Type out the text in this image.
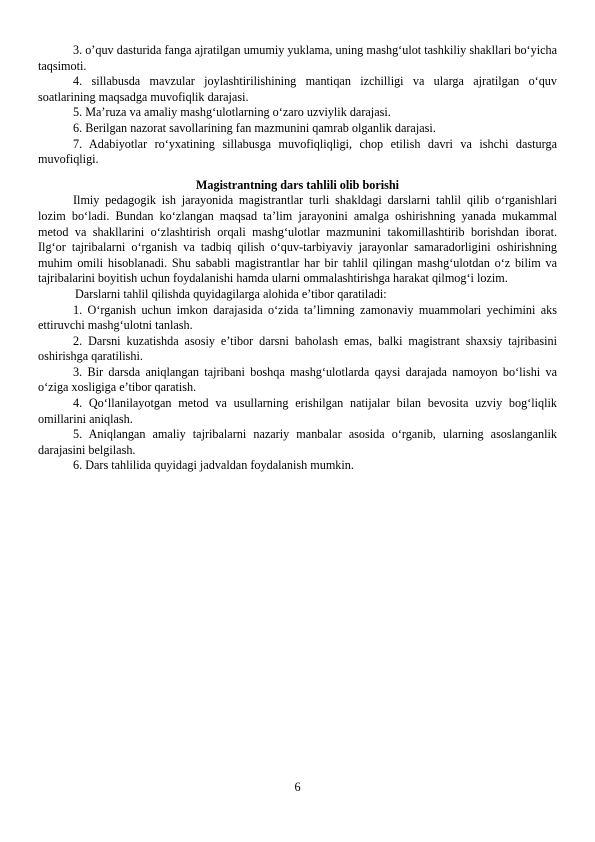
3. o’quv dasturida fanga ajratilgan umumiy yuklama, uning mashg‘ulot tashkiliy shakllari bo‘yicha taqsimoti.

4. sillabusda mavzular joylashtirilishining mantiqan izchilligi va ularga ajratilgan o‘quv soatlarining maqsadga muvofiqlik darajasi.

5. Ma’ruza va amaliy mashg‘ulotlarning o‘zaro uzviylik darajasi.

6. Berilgan nazorat savollarining fan mazmunini qamrab olganlik darajasi.

7. Adabiyotlar ro‘yxatining sillabusga muvofiqliqligi, chop etilish davri va ishchi dasturga muvofiqligi.

Magistrantning dars tahlili olib borishi

Ilmiy pedagogik ish jarayonida magistrantlar turli shakldagi darslarni tahlil qilib o‘rganishlari lozim bo‘ladi. Bundan ko‘zlangan maqsad ta’lim jarayonini amalga oshirishning yanada mukammal metod va shakllarini o‘zlashtirish orqali mashg‘ulotlar mazmunini takomillashtirib borishdan iborat. Ilg‘or tajribalarni o‘rganish va tadbiq qilish o‘quv-tarbiyaviy jarayonlar samaradorligini oshirishning muhim omili hisoblanadi. Shu sababli magistrantlar har bir tahlil qilingan mashg‘ulotdan o‘z bilim va tajribalarini boyitish uchun foydalanishi hamda ularni ommalashtirishga harakat qilmog‘i lozim.

Darslarni tahlil qilishda quyidagilarga alohida e’tibor qaratiladi:

1. O‘rganish uchun imkon darajasida o‘zida ta’limning zamonaviy muammolari yechimini aks ettiruvchi mashg‘ulotni tanlash.

2. Darsni kuzatishda asosiy e’tibor darsni baholash emas, balki magistrant shaxsiy tajribasini oshirishga qaratilishi.

3. Bir darsda aniqlangan tajribani boshqa mashg‘ulotlarda qaysi darajada namoyon bo‘lishi va o‘ziga xosligiga e’tibor qaratish.

4. Qo‘llanilayotgan metod va usullarning erishilgan natijalar bilan bevosita uzviy bog‘liqlik omillarini aniqlash.

5. Aniqlangan amaliy tajribalarni nazariy manbalar asosida o‘rganib, ularning asoslanganlik darajasini belgilash.

6. Dars tahlilida quyidagi jadvaldan foydalanish mumkin.

6
